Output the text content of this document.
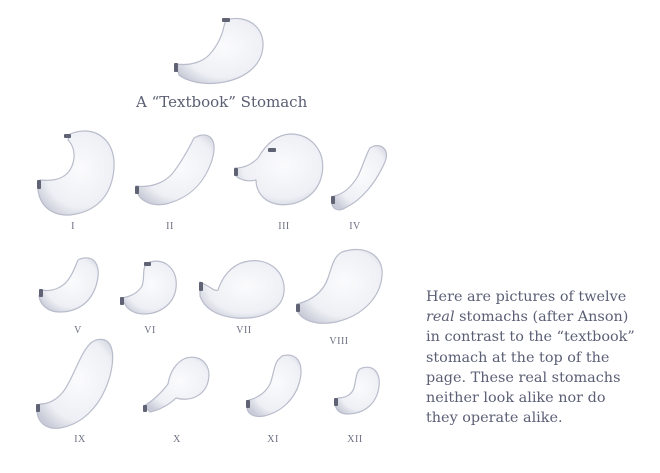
A “Textbook” Stomach
I	II	III	IV
V	VI	VII
VIII
IX	X	XI	XII

Here are pictures of twelve

real stomachs (after Anson)

in contrast to the “textbook”

stomach at the top of the

page. These real stomachs

neither look alike nor do

they operate alike.
